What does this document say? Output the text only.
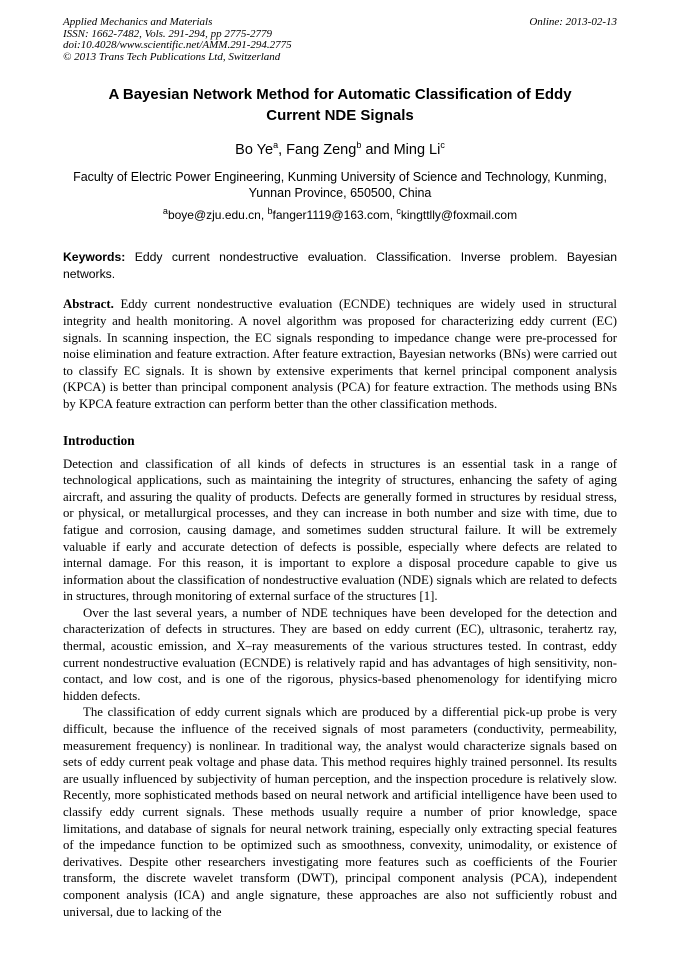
Applied Mechanics and Materials
ISSN: 1662-7482, Vols. 291-294, pp 2775-2779
doi:10.4028/www.scientific.net/AMM.291-294.2775
© 2013 Trans Tech Publications Ltd, Switzerland
Online: 2013-02-13
A Bayesian Network Method for Automatic Classification of Eddy
Current NDE Signals
Bo Ye$^a$, Fang Zeng$^b$ and Ming Li$^c$
Faculty of Electric Power Engineering, Kunming University of Science and Technology, Kunming,
Yunnan Province, 650500, China
$^a$boye@zju.edu.cn, $^b$fanger1119@163.com, $^c$kingttlly@foxmail.com

Keywords: Eddy current nondestructive evaluation. Classification. Inverse problem. Bayesian networks.

Abstract. Eddy current nondestructive evaluation (ECNDE) techniques are widely used in structural integrity and health monitoring. A novel algorithm was proposed for characterizing eddy current (EC) signals. In scanning inspection, the EC signals responding to impedance change were pre-processed for noise elimination and feature extraction. After feature extraction, Bayesian networks (BNs) were carried out to classify EC signals. It is shown by extensive experiments that kernel principal component analysis (KPCA) is better than principal component analysis (PCA) for feature extraction. The methods using BNs by KPCA feature extraction can perform better than the other classification methods.

Introduction

Detection and classification of all kinds of defects in structures is an essential task in a range of technological applications, such as maintaining the integrity of structures, enhancing the safety of aging aircraft, and assuring the quality of products. Defects are generally formed in structures by residual stress, or physical, or metallurgical processes, and they can increase in both number and size with time, due to fatigue and corrosion, causing damage, and sometimes sudden structural failure. It will be extremely valuable if early and accurate detection of defects is possible, especially where defects are related to internal damage. For this reason, it is important to explore a disposal procedure capable to give us information about the classification of nondestructive evaluation (NDE) signals which are related to defects in structures, through monitoring of external surface of the structures [1].

Over the last several years, a number of NDE techniques have been developed for the detection and characterization of defects in structures. They are based on eddy current (EC), ultrasonic, terahertz ray, thermal, acoustic emission, and X–ray measurements of the various structures tested. In contrast, eddy current nondestructive evaluation (ECNDE) is relatively rapid and has advantages of high sensitivity, non-contact, and low cost, and is one of the rigorous, physics-based phenomenology for identifying micro hidden defects.

The classification of eddy current signals which are produced by a differential pick-up probe is very difficult, because the influence of the received signals of most parameters (conductivity, permeability, measurement frequency) is nonlinear. In traditional way, the analyst would characterize signals based on sets of eddy current peak voltage and phase data. This method requires highly trained personnel. Its results are usually influenced by subjectivity of human perception, and the inspection procedure is relatively slow. Recently, more sophisticated methods based on neural network and artificial intelligence have been used to classify eddy current signals. These methods usually require a number of prior knowledge, space limitations, and database of signals for neural network training, especially only extracting special features of the impedance function to be optimized such as smoothness, convexity, unimodality, or existence of derivatives. Despite other researchers investigating more features such as coefficients of the Fourier transform, the discrete wavelet transform (DWT), principal component analysis (PCA), independent component analysis (ICA) and angle signature, these approaches are also not sufficiently robust and universal, due to lacking of the
